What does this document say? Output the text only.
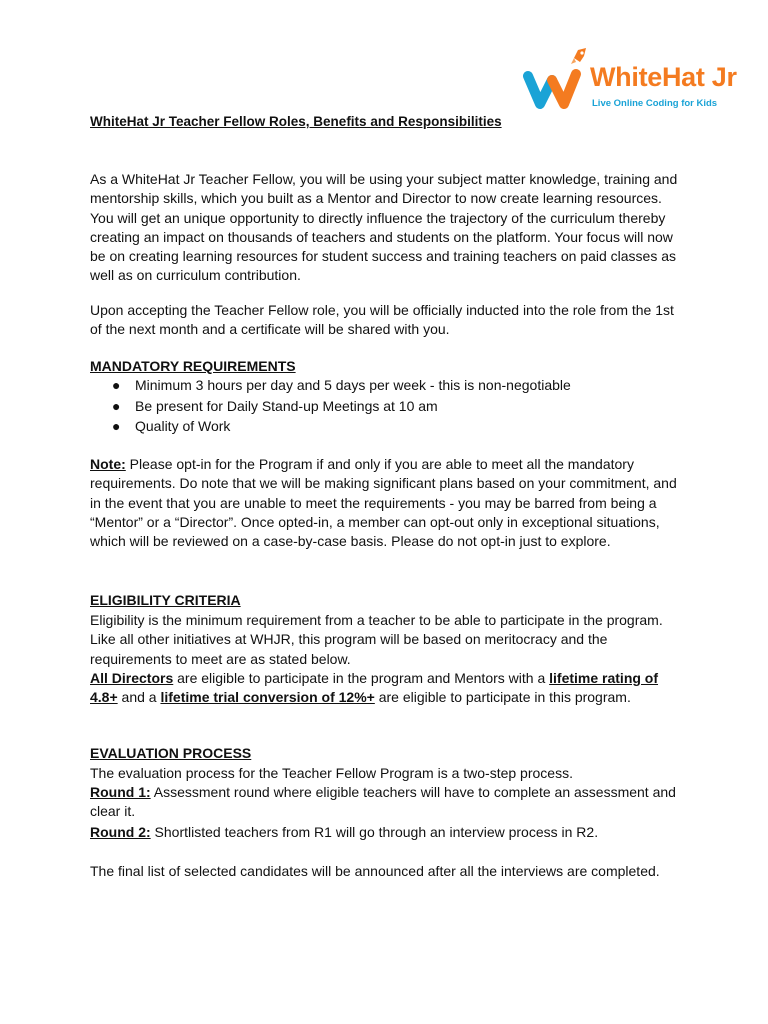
WhiteHat Jr
Live Online Coding for Kids
WhiteHat Jr Teacher Fellow Roles, Benefits and Responsibilities

As a WhiteHat Jr Teacher Fellow, you will be using your subject matter knowledge, training and mentorship skills, which you built as a Mentor and Director to now create learning resources. You will get an unique opportunity to directly influence the trajectory of the curriculum thereby creating an impact on thousands of teachers and students on the platform. Your focus will now be on creating learning resources for student success and training teachers on paid classes as well as on curriculum contribution.

Upon accepting the Teacher Fellow role, you will be officially inducted into the role from the 1st of the next month and a certificate will be shared with you.

MANDATORY REQUIREMENTS

● Minimum 3 hours per day and 5 days per week - this is non-negotiable
● Be present for Daily Stand-up Meetings at 10 am
● Quality of Work

Note: Please opt-in for the Program if and only if you are able to meet all the mandatory requirements. Do note that we will be making significant plans based on your commitment, and in the event that you are unable to meet the requirements - you may be barred from being a “Mentor” or a “Director”. Once opted-in, a member can opt-out only in exceptional situations, which will be reviewed on a case-by-case basis. Please do not opt-in just to explore.

ELIGIBILITY CRITERIA

Eligibility is the minimum requirement from a teacher to be able to participate in the program. Like all other initiatives at WHJR, this program will be based on meritocracy and the requirements to meet are as stated below.

All Directors are eligible to participate in the program and Mentors with a lifetime rating of 4.8+ and a lifetime trial conversion of 12%+ are eligible to participate in this program.

EVALUATION PROCESS

The evaluation process for the Teacher Fellow Program is a two-step process.

Round 1: Assessment round where eligible teachers will have to complete an assessment and clear it.

Round 2: Shortlisted teachers from R1 will go through an interview process in R2.

The final list of selected candidates will be announced after all the interviews are completed.
